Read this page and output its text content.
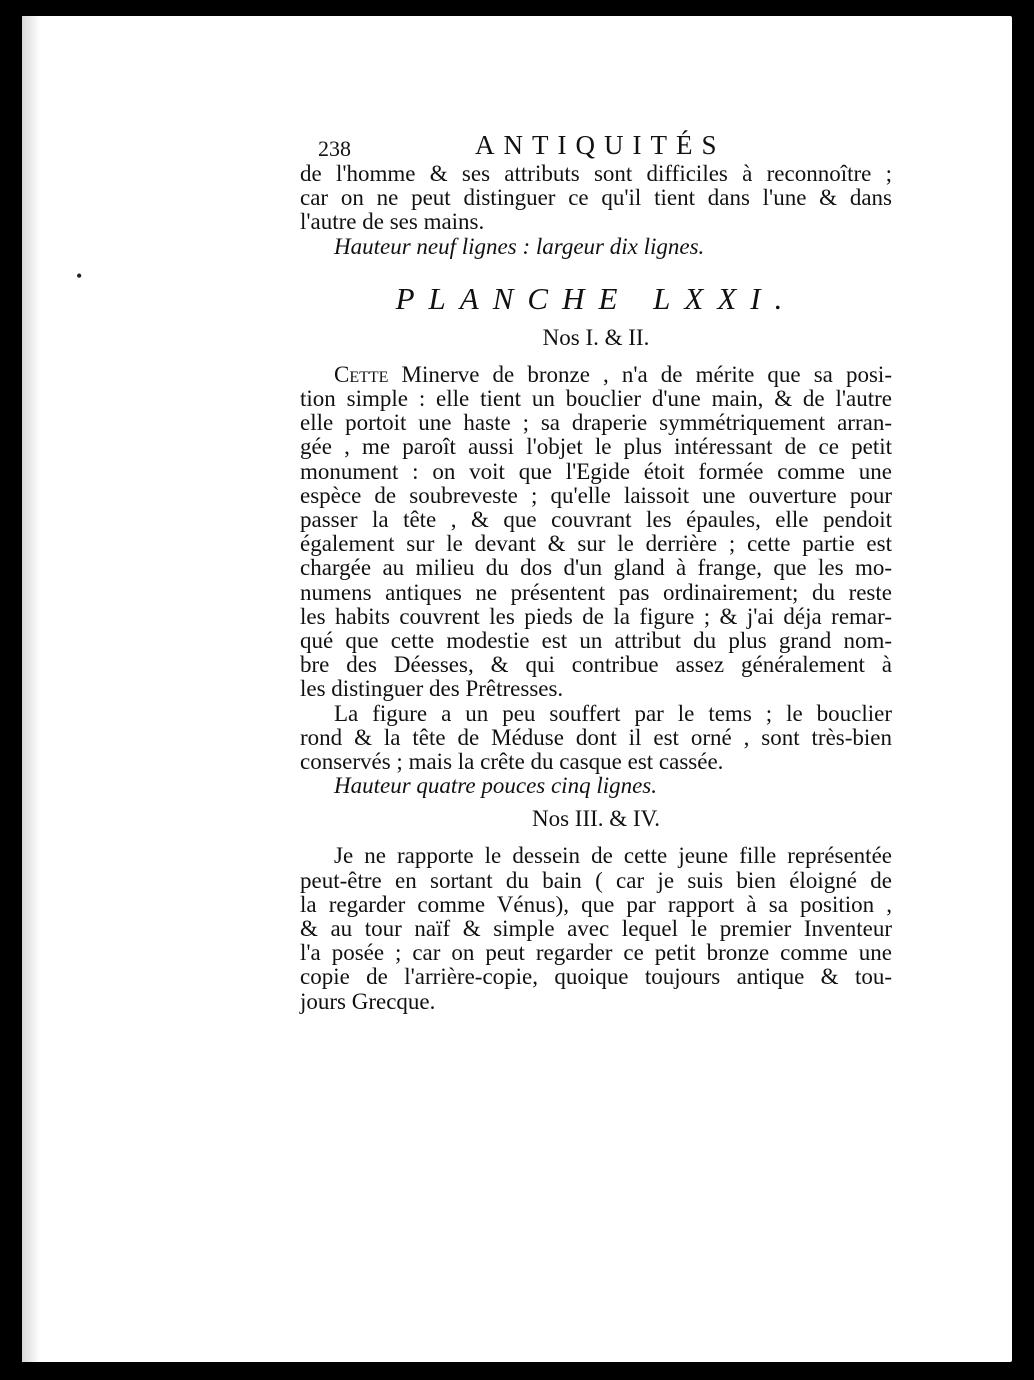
•
238	ANTIQUITÉS
de l'homme & ses attributs sont difficiles à reconnoître ;
car on ne peut distinguer ce qu'il tient dans l'une & dans
l'autre de ses mains.
Hauteur neuf lignes : largeur dix lignes.
PLANCHE LXXI.
Nos I. & II.
Cette Minerve de bronze , n'a de mérite que sa posi-
tion simple : elle tient un bouclier d'une main, & de l'autre
elle portoit une haste ; sa draperie symmétriquement arran-
gée , me paroît aussi l'objet le plus intéressant de ce petit
monument : on voit que l'Egide étoit formée comme une
espèce de soubreveste ; qu'elle laissoit une ouverture pour
passer la tête , & que couvrant les épaules, elle pendoit
également sur le devant & sur le derrière ; cette partie est
chargée au milieu du dos d'un gland à frange, que les mo-
numens antiques ne présentent pas ordinairement; du reste
les habits couvrent les pieds de la figure ; & j'ai déja remar-
qué que cette modestie est un attribut du plus grand nom-
bre des Déesses, & qui contribue assez généralement à
les distinguer des Prêtresses.
La figure a un peu souffert par le tems ; le bouclier
rond & la tête de Méduse dont il est orné , sont très-bien
conservés ; mais la crête du casque est cassée.
Hauteur quatre pouces cinq lignes.
Nos III. & IV.
Je ne rapporte le dessein de cette jeune fille représentée
peut-être en sortant du bain ( car je suis bien éloigné de
la regarder comme Vénus), que par rapport à sa position ,
& au tour naïf & simple avec lequel le premier Inventeur
l'a posée ; car on peut regarder ce petit bronze comme une
copie de l'arrière-copie, quoique toujours antique & tou-
jours Grecque.
